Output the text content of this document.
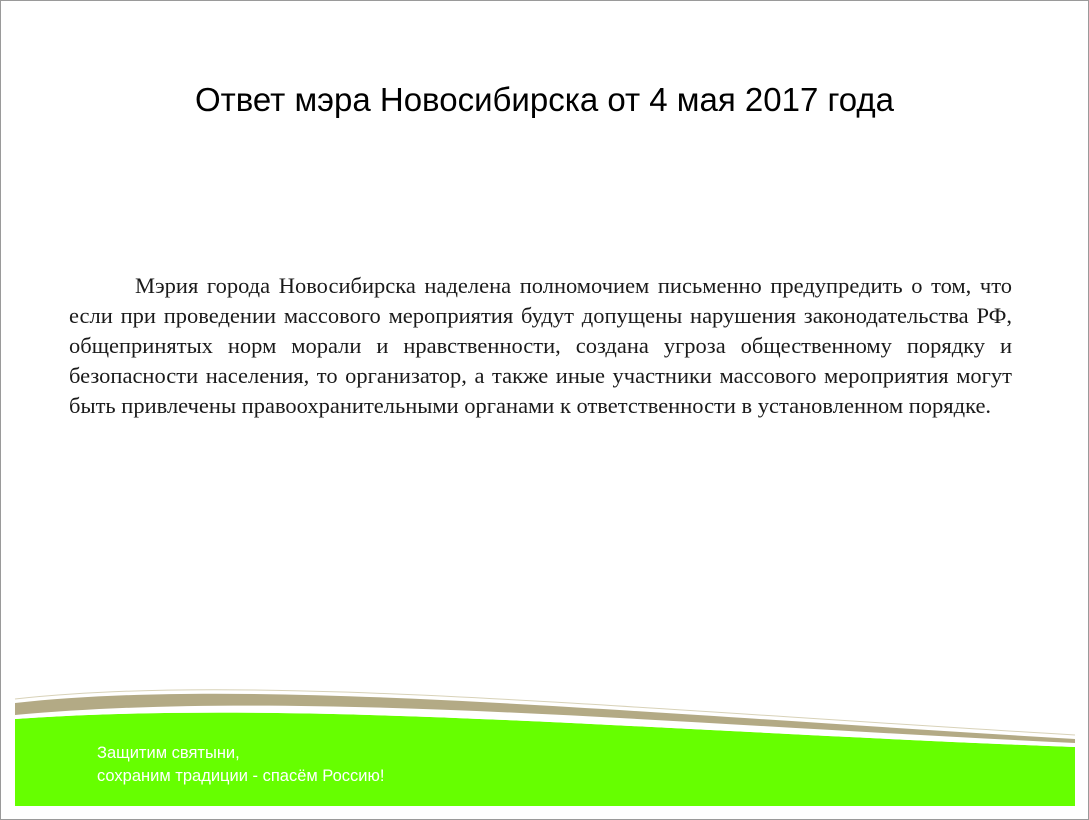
Ответ мэра Новосибирска от 4 мая 2017 года

Мэрия города Новосибирска наделена полномочием письменно предупредить о том, что если при проведении массового мероприятия будут допущены нарушения законодательства РФ, общепринятых норм морали и нравственности, создана угроза общественному порядку и безопасности населения, то организатор, а также иные участники массового мероприятия могут быть привлечены правоохранительными органами к ответственности в установленном порядке.

Защитим святыни,
сохраним традиции - спасём Россию!
